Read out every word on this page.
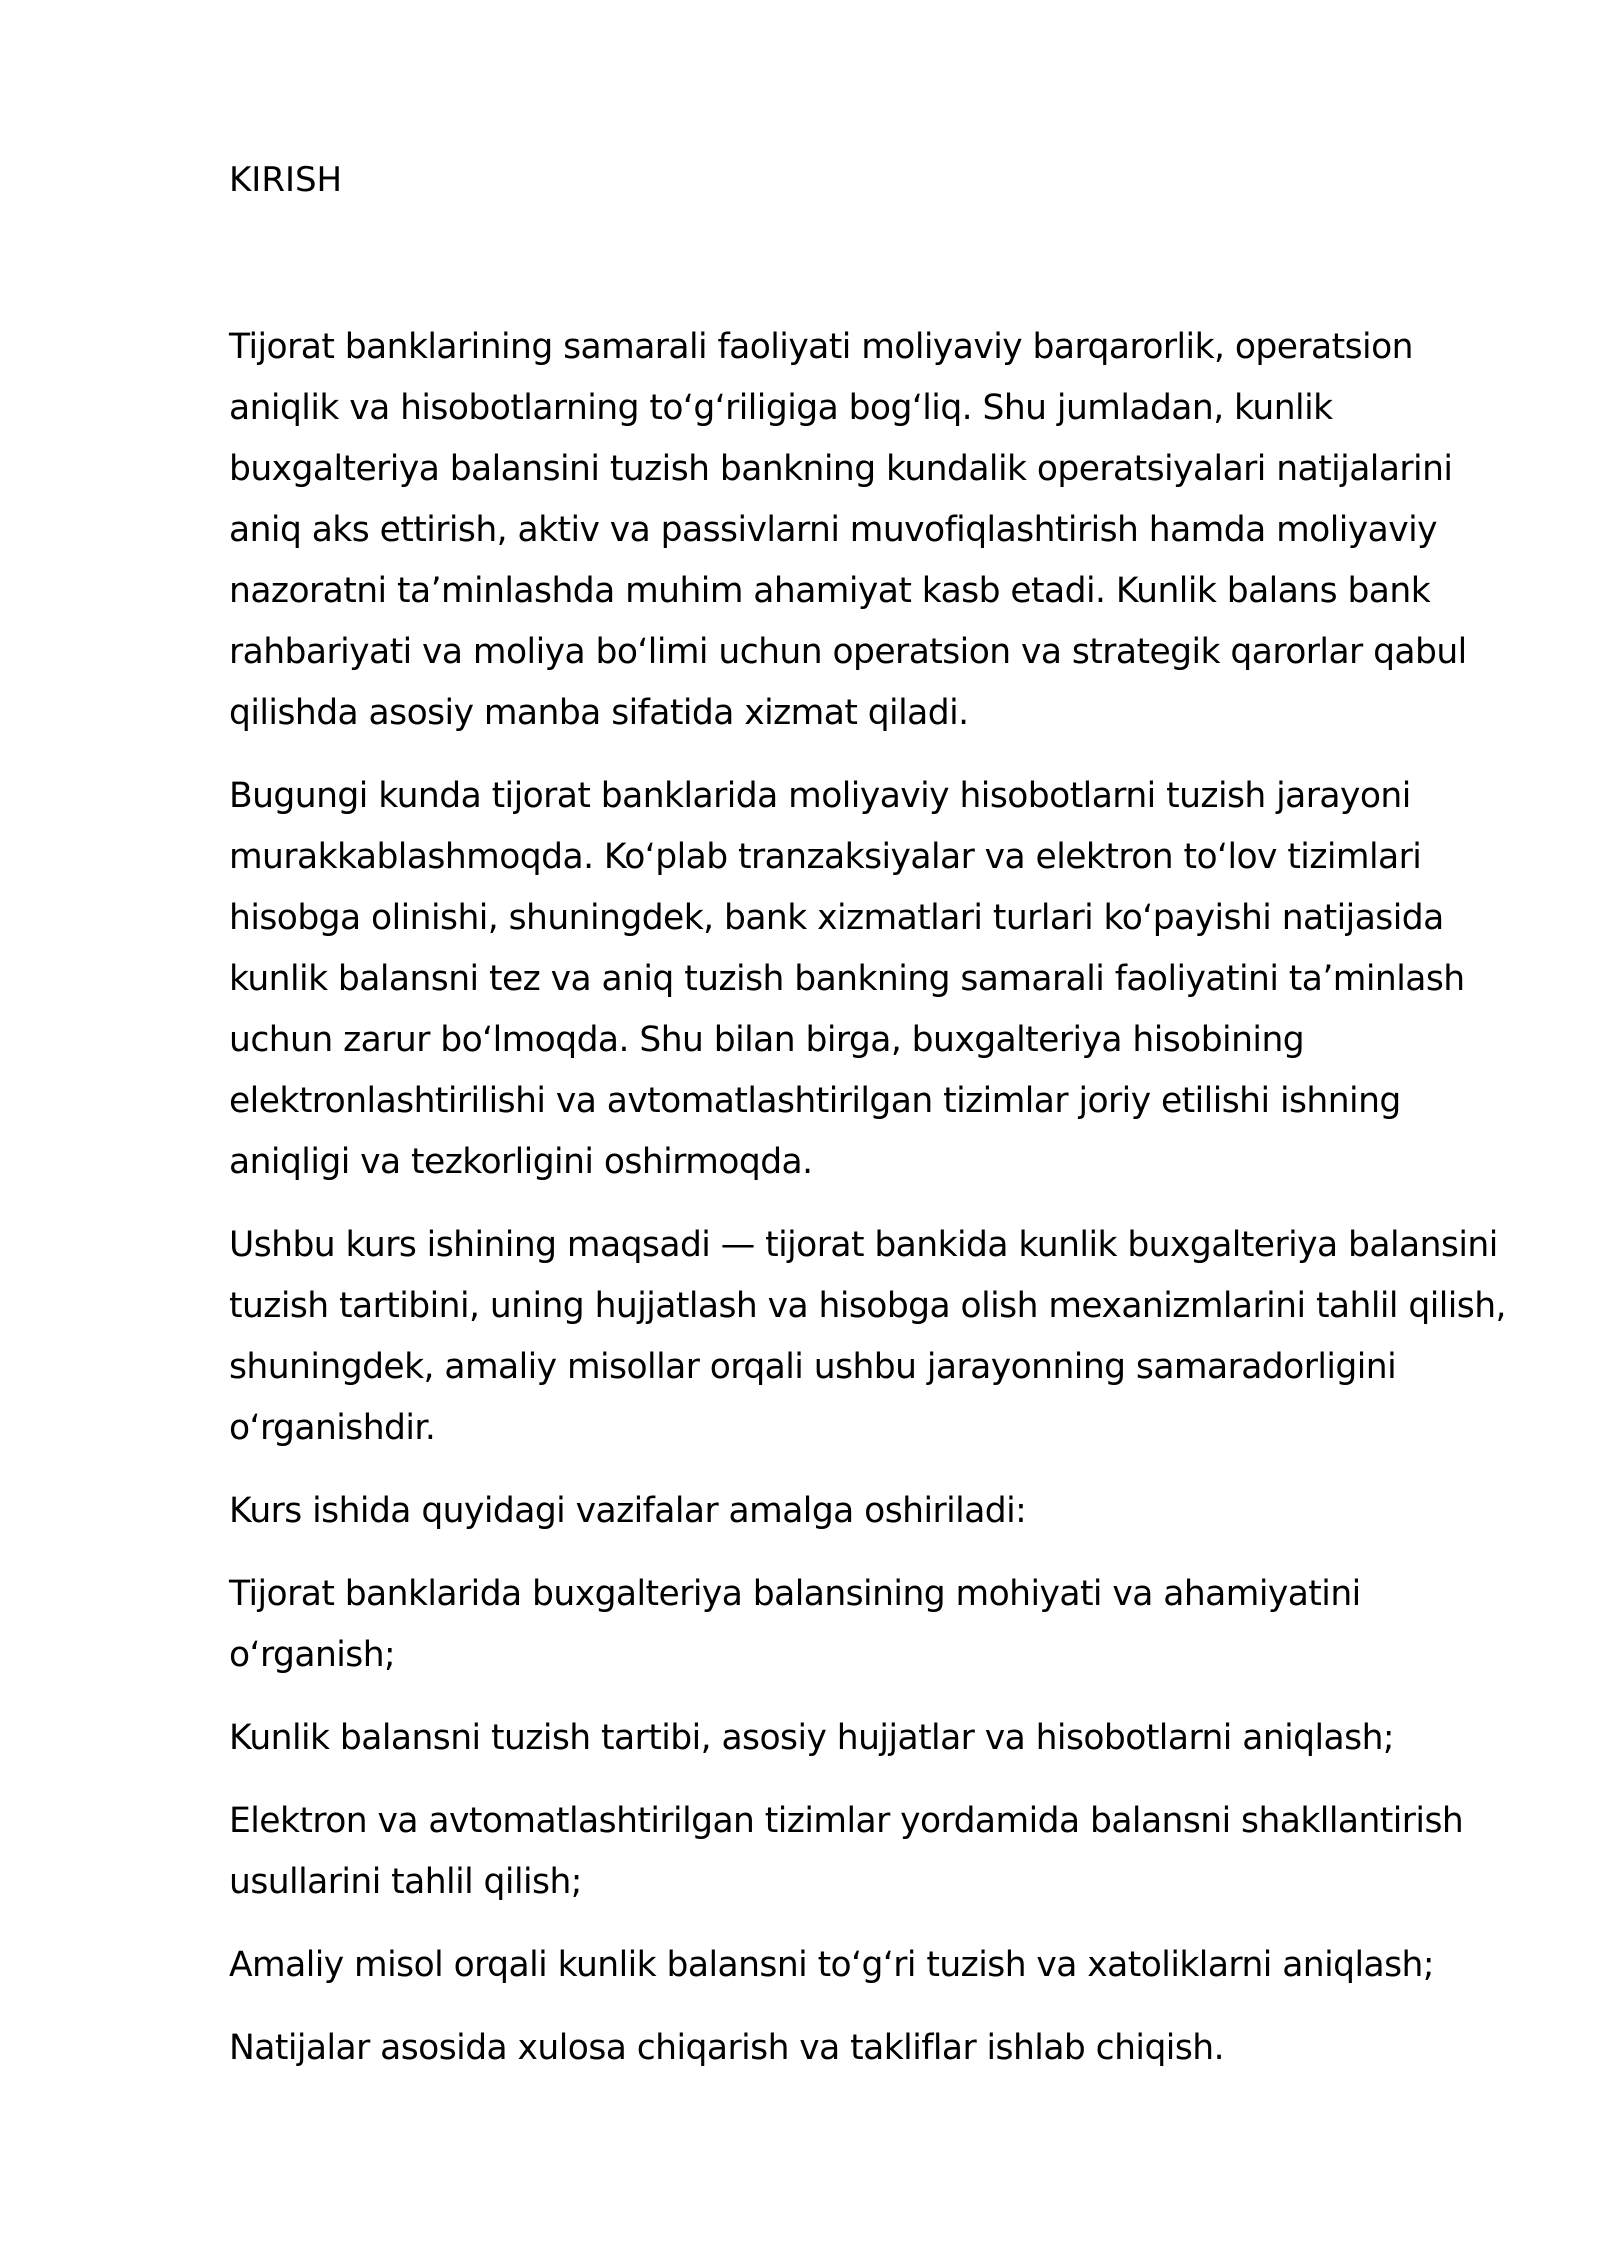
KIRISH

Tijorat banklarining samarali faoliyati moliyaviy barqarorlik, operatsion aniqlik va hisobotlarning to‘g‘riligiga bog‘liq. Shu jumladan, kunlik buxgalteriya balansini tuzish bankning kundalik operatsiyalari natijalarini aniq aks ettirish, aktiv va passivlarni muvofiqlashtirish hamda moliyaviy nazoratni ta’minlashda muhim ahamiyat kasb etadi. Kunlik balans bank rahbariyati va moliya bo‘limi uchun operatsion va strategik qarorlar qabul qilishda asosiy manba sifatida xizmat qiladi.

Bugungi kunda tijorat banklarida moliyaviy hisobotlarni tuzish jarayoni murakkablashmoqda. Ko‘plab tranzaksiyalar va elektron to‘lov tizimlari hisobga olinishi, shuningdek, bank xizmatlari turlari ko‘payishi natijasida kunlik balansni tez va aniq tuzish bankning samarali faoliyatini ta’minlash uchun zarur bo‘lmoqda. Shu bilan birga, buxgalteriya hisobining elektronlashtirilishi va avtomatlashtirilgan tizimlar joriy etilishi ishning aniqligi va tezkorligini oshirmoqda.

Ushbu kurs ishining maqsadi — tijorat bankida kunlik buxgalteriya balansini tuzish tartibini, uning hujjatlash va hisobga olish mexanizmlarini tahlil qilish, shuningdek, amaliy misollar orqali ushbu jarayonning samaradorligini o‘rganishdir.

Kurs ishida quyidagi vazifalar amalga oshiriladi:

Tijorat banklarida buxgalteriya balansining mohiyati va ahamiyatini o‘rganish;

Kunlik balansni tuzish tartibi, asosiy hujjatlar va hisobotlarni aniqlash;

Elektron va avtomatlashtirilgan tizimlar yordamida balansni shakllantirish usullarini tahlil qilish;

Amaliy misol orqali kunlik balansni to‘g‘ri tuzish va xatoliklarni aniqlash;

Natijalar asosida xulosa chiqarish va takliflar ishlab chiqish.
